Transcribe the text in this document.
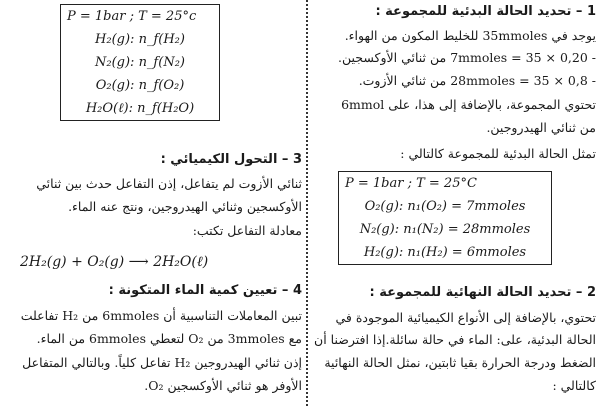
1 – تحديد الحالة البدئية للمجموعة :
يوجد في 35mmoles للخليط المكون من الهواء.
- 0,20 × 35 = 7mmoles من ثنائي الأوكسجين.
- 0,8 × 35 = 28mmoles من ثنائي الأزوت.
تحتوي المجموعة، بالإضافة إلى هذا، على 6mmol
من ثنائي الهيدروجين.
تمثل الحالة البدئية للمجموعة كالتالي :
P = 1bar ; T = 25°C
O₂(g): n₁(O₂) = 7mmoles
N₂(g): n₁(N₂) = 28mmoles
H₂(g): n₁(H₂) = 6mmoles
2 – تحديد الحالة النهائية للمجموعة :
تحتوي، بالإضافة إلى الأنواع الكيميائية الموجودة في
الحالة البدئية، على: الماء في حالة سائلة.إذا افترضنا أن
الضغط ودرجة الحرارة بقيا ثابتين، نمثل الحالة النهائية
كالتالي :
P = 1bar ; T = 25°c
H₂(g): n_f(H₂)
N₂(g): n_f(N₂)
O₂(g): n_f(O₂)
H₂O(ℓ): n_f(H₂O)
3 – التحول الكيميائي :
ثنائي الأزوت لم يتفاعل، إذن التفاعل حدث بين ثنائي
الأوكسجين وثنائي الهيدروجين، ونتج عنه الماء.
معادلة التفاعل تكتب:
2H₂(g) + O₂(g) ⟶ 2H₂O(ℓ)
4 – تعيين كمية الماء المتكونة :
تبين المعاملات التناسبية أن 6mmoles من H₂ تفاعلت
مع 3mmoles من O₂ لتعطي 6mmoles من الماء.
إذن ثنائي الهيدروجين H₂ تفاعل كلياً. وبالتالي المتفاعل
الأوفر هو ثنائي الأوكسجين O₂.
